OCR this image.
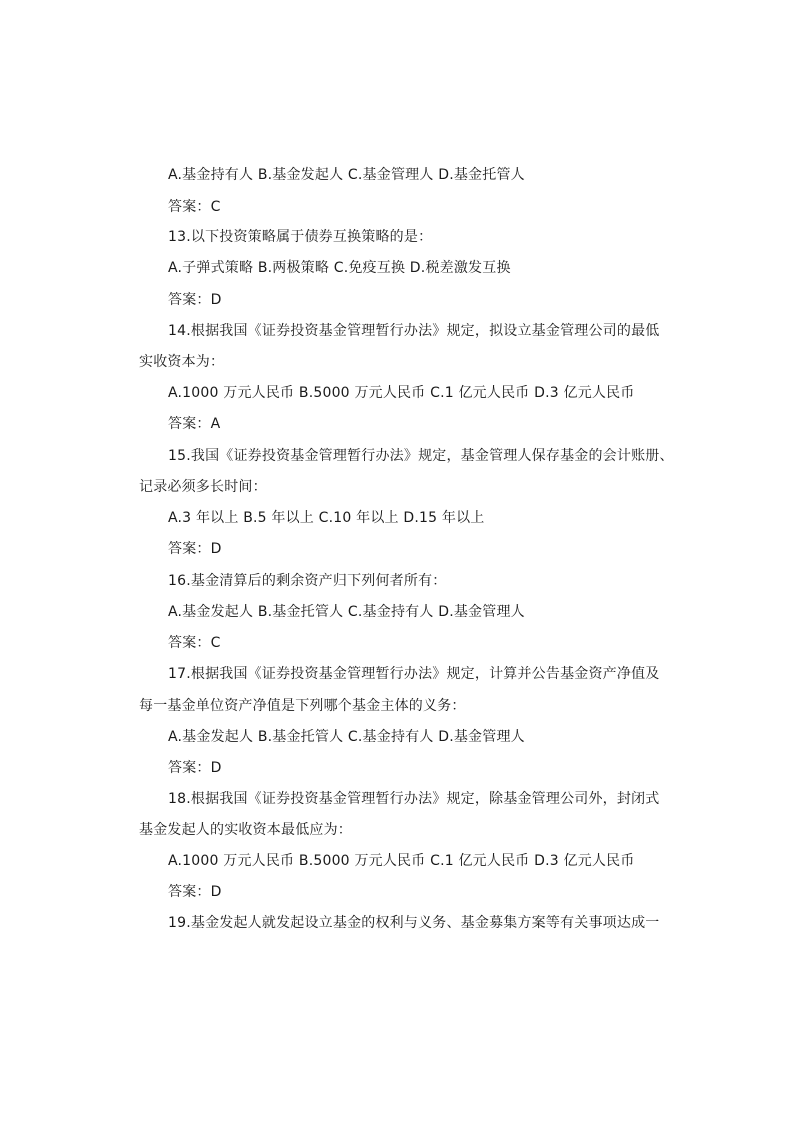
A.基金持有人 B.基金发起人 C.基金管理人 D.基金托管人
答案：C
13.以下投资策略属于债券互换策略的是：
A.子弹式策略 B.两极策略 C.免疫互换 D.税差激发互换
答案：D
14.根据我国《证券投资基金管理暂行办法》规定，拟设立基金管理公司的最低
实收资本为：
A.1000 万元人民币 B.5000 万元人民币 C.1 亿元人民币 D.3 亿元人民币
答案：A
15.我国《证券投资基金管理暂行办法》规定，基金管理人保存基金的会计账册、
记录必须多长时间：
A.3 年以上 B.5 年以上 C.10 年以上 D.15 年以上
答案：D
16.基金清算后的剩余资产归下列何者所有：
A.基金发起人 B.基金托管人 C.基金持有人 D.基金管理人
答案：C
17.根据我国《证券投资基金管理暂行办法》规定，计算并公告基金资产净值及
每一基金单位资产净值是下列哪个基金主体的义务：
A.基金发起人 B.基金托管人 C.基金持有人 D.基金管理人
答案：D
18.根据我国《证券投资基金管理暂行办法》规定，除基金管理公司外，封闭式
基金发起人的实收资本最低应为：
A.1000 万元人民币 B.5000 万元人民币 C.1 亿元人民币 D.3 亿元人民币
答案：D
19.基金发起人就发起设立基金的权利与义务、基金募集方案等有关事项达成一
